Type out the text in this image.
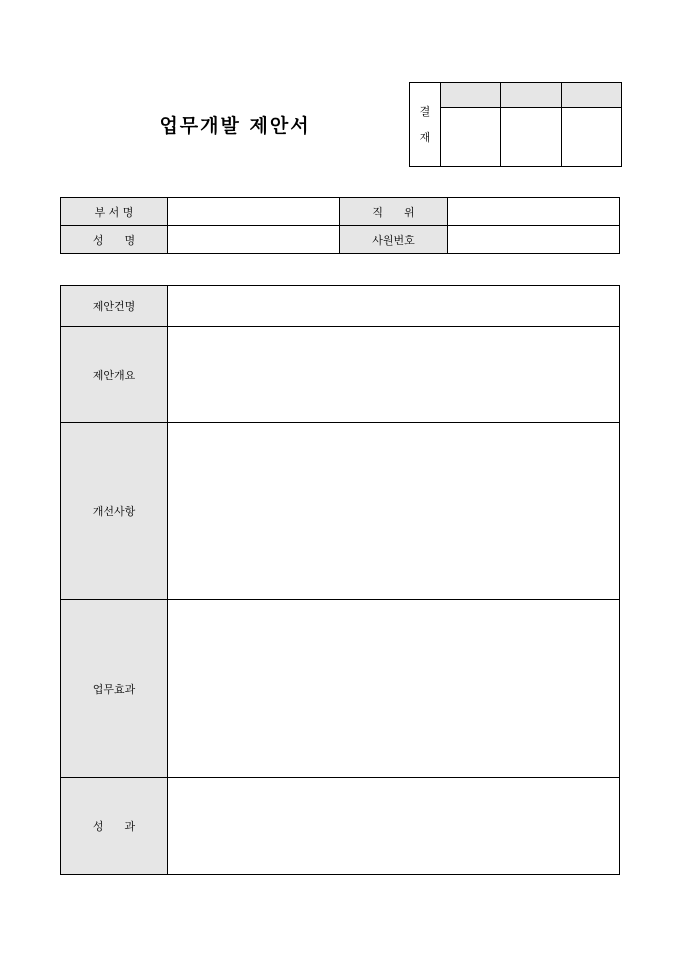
업무개발 제안서
결
재			

부 서 명		직      위	
성      명		사원번호	
제안건명	
제안개요	
개선사항	
업무효과	
성      과	
